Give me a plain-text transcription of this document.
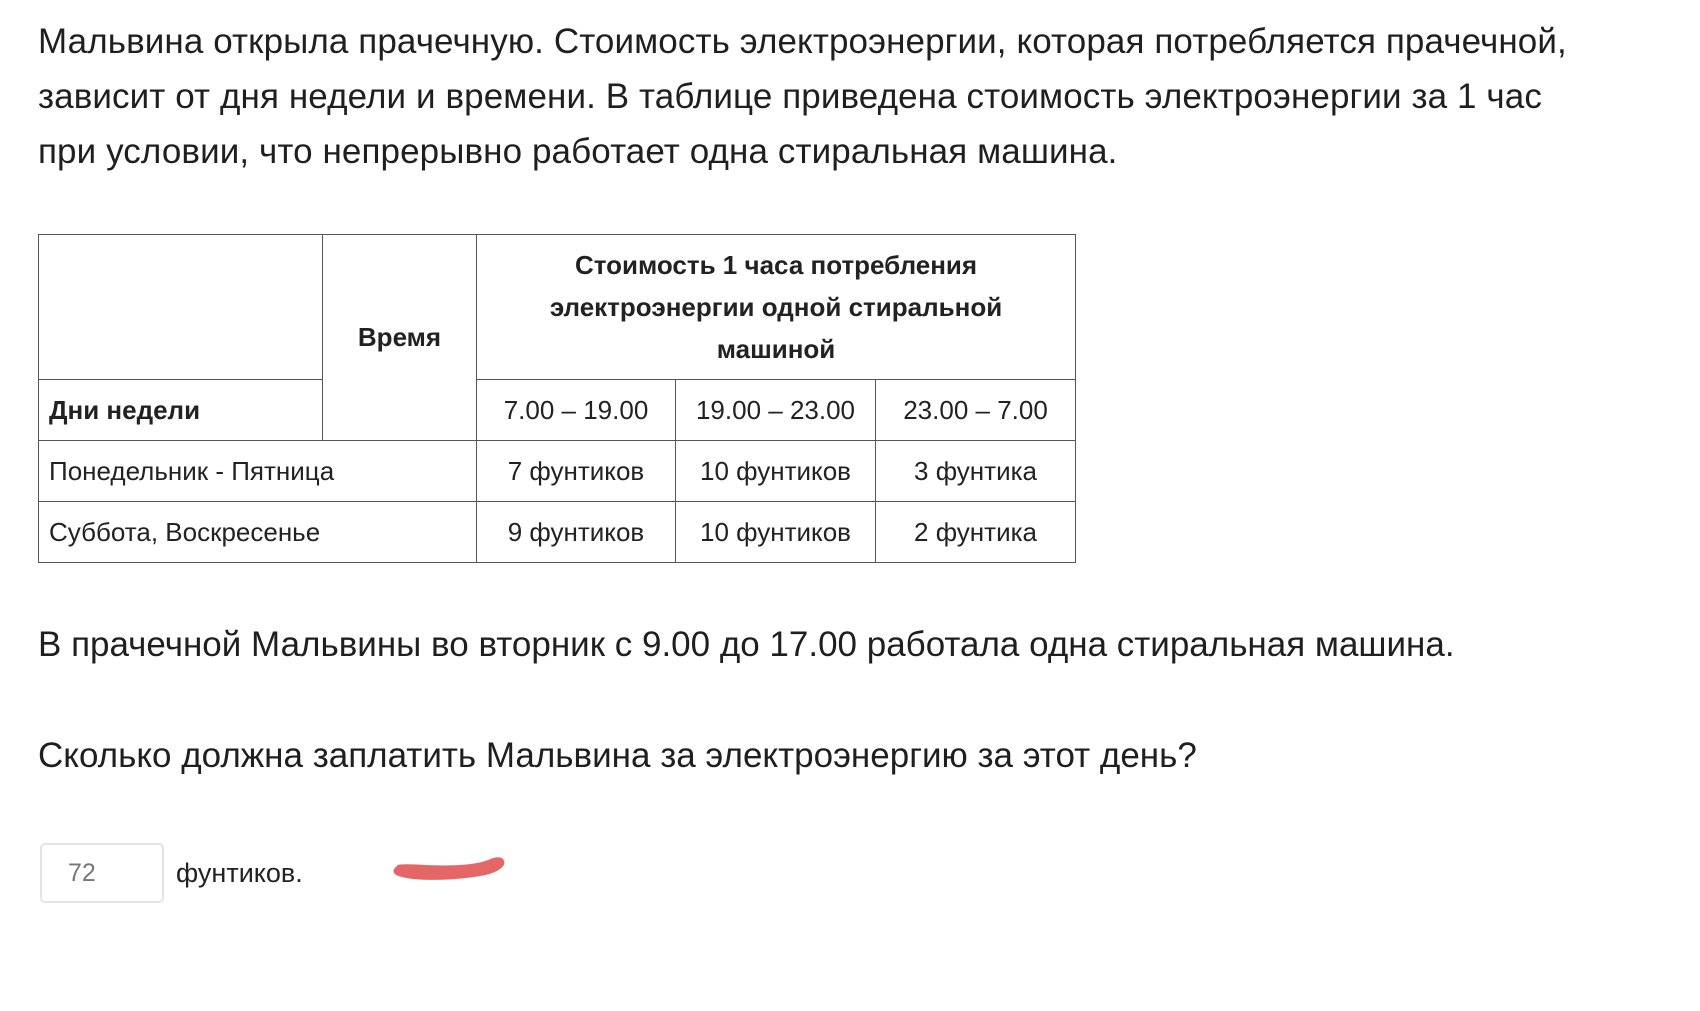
Мальвина открыла прачечную. Стоимость электроэнергии, которая потребляется прачечной,
зависит от дня недели и времени. В таблице приведена стоимость электроэнергии за 1 час
при условии, что непрерывно работает одна стиральная машина.
	Время	Стоимость 1 часа потребления
электроэнергии одной стиральной
машиной		

Дни недели		7.00 – 19.00	19.00 – 23.00	23.00 – 7.00
Понедельник - Пятница		7 фунтиков	10 фунтиков	3 фунтика
Суббота, Воскресенье		9 фунтиков	10 фунтиков	2 фунтика

В прачечной Мальвины во вторник с 9.00 до 17.00 работала одна стиральная машина.

Сколько должна заплатить Мальвина за электроэнергию за этот день?

72
фунтиков.
